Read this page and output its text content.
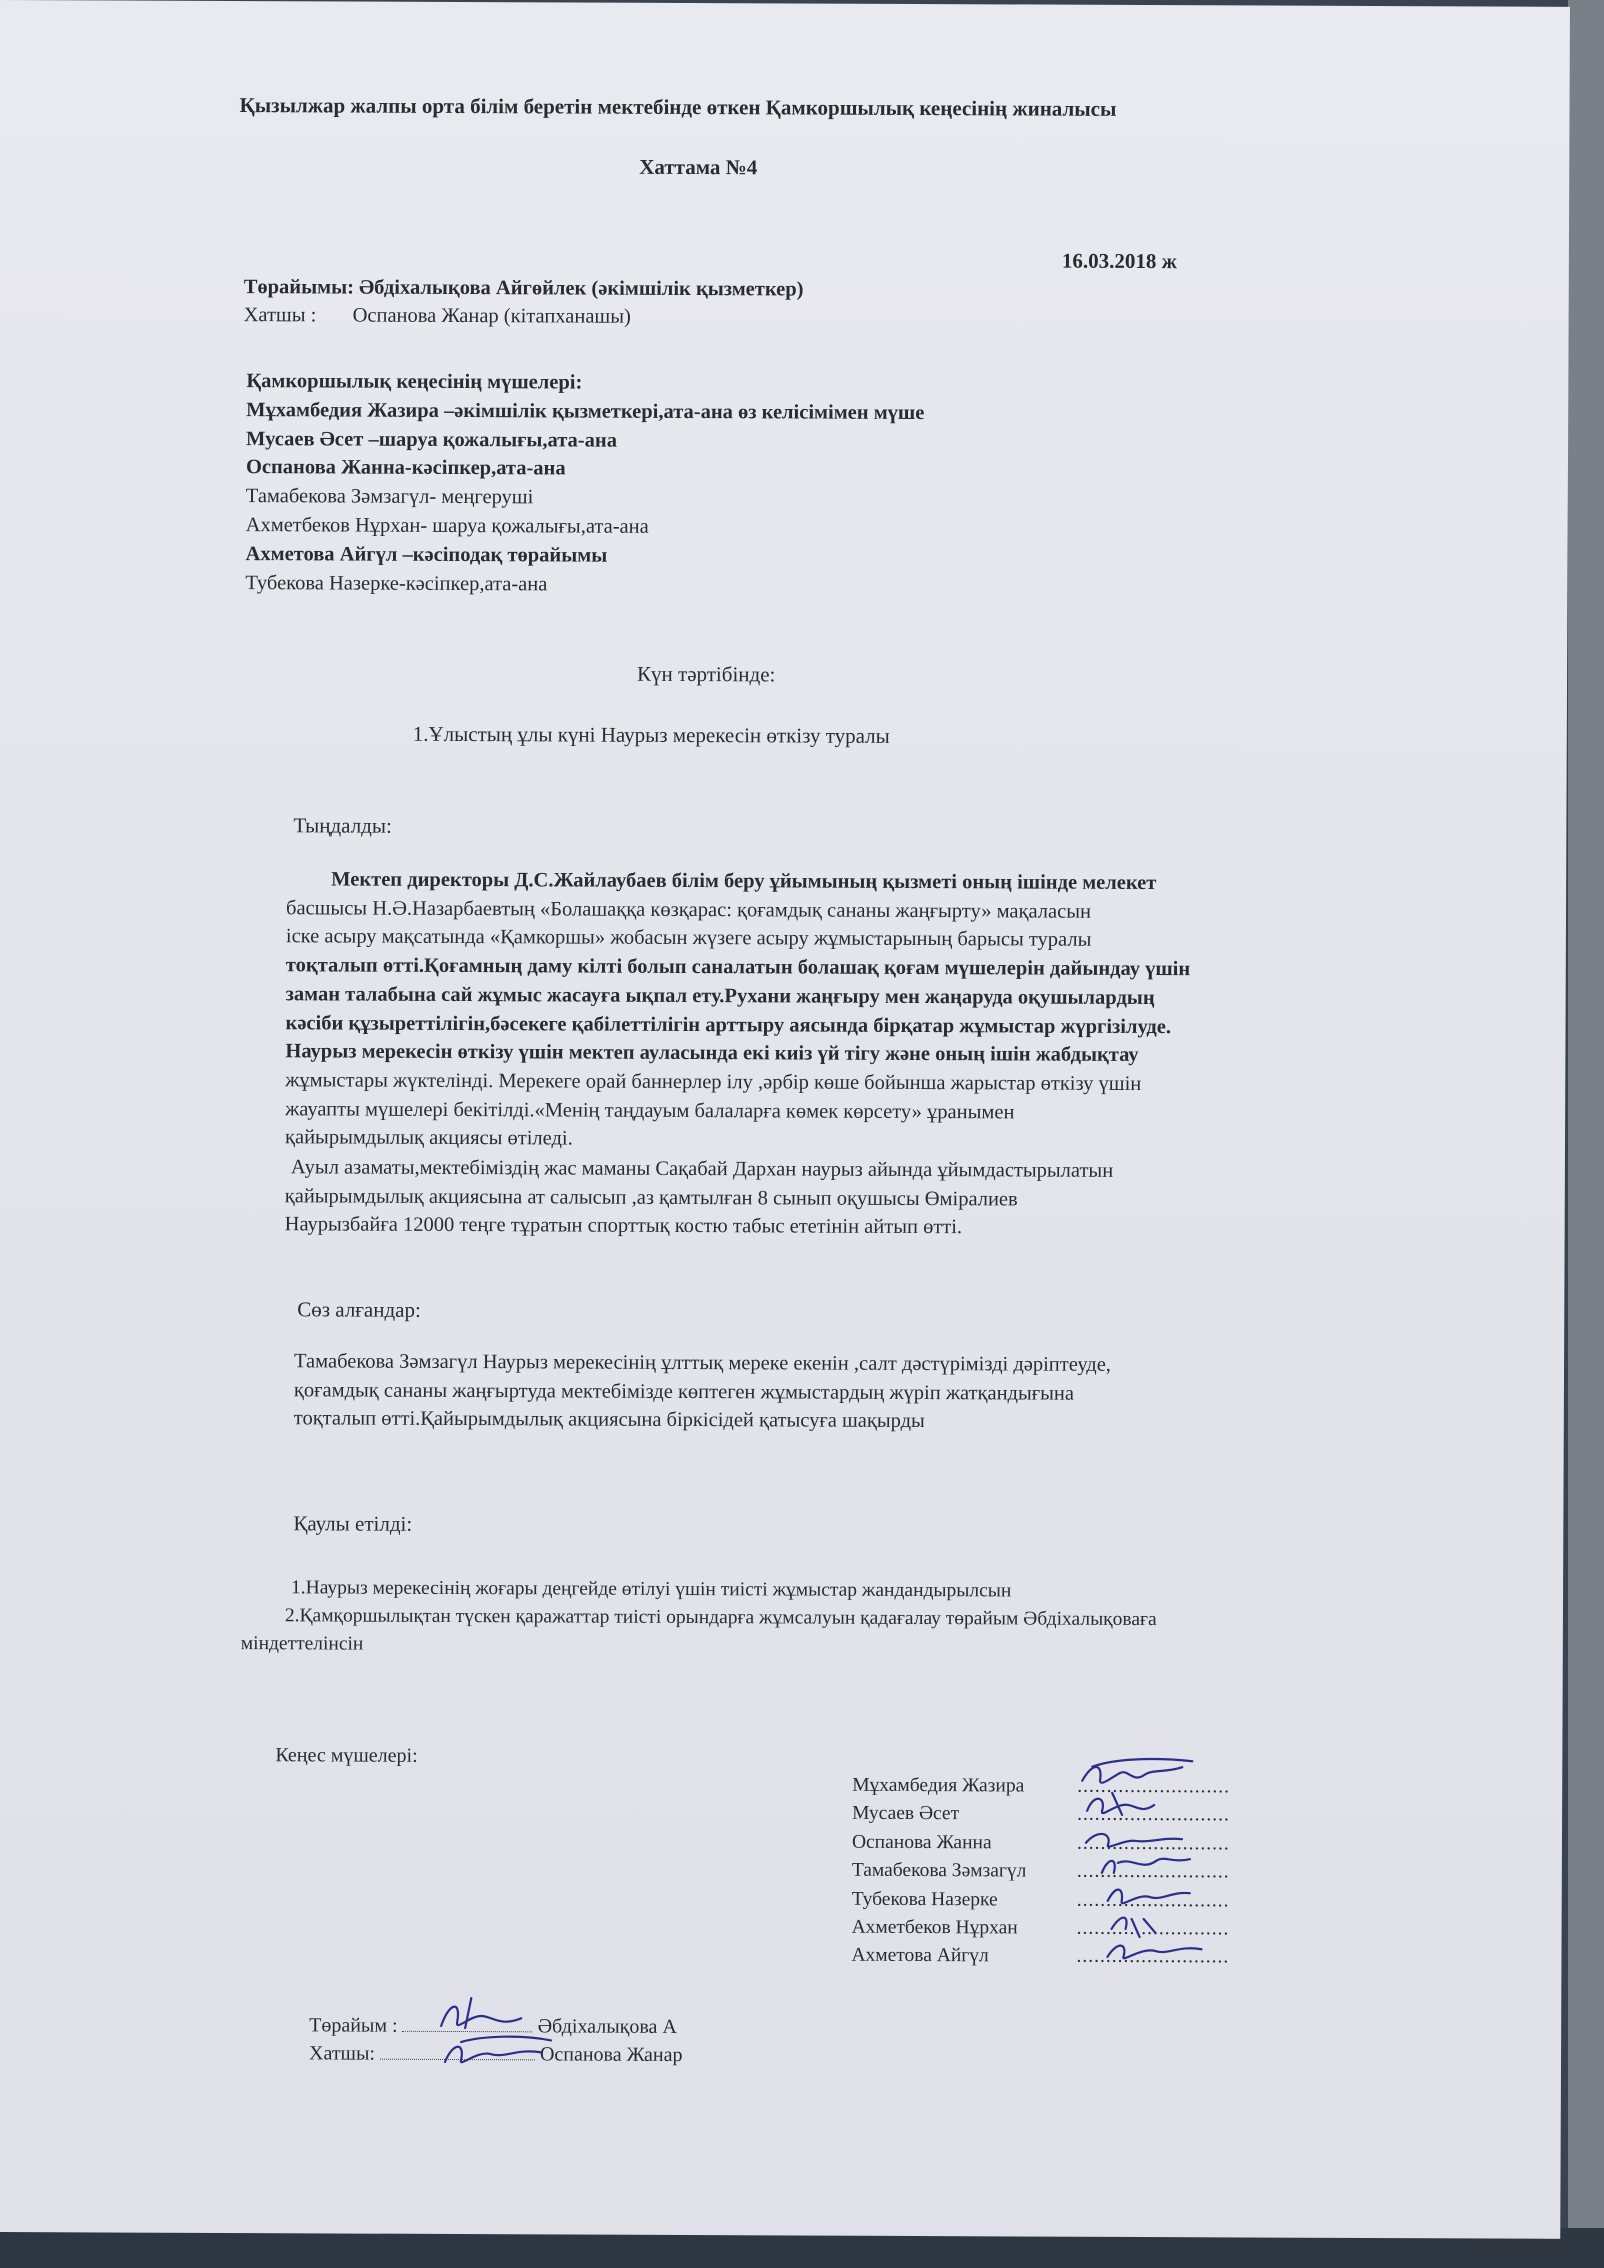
Қызылжар жалпы орта білім беретін мектебінде өткен Қамкоршылық кеңесінің жиналысы
Хаттама №4
16.03.2018 ж
Төрайымы: Әбдіхалықова Айгөйлек (әкімшілік қызметкер)
Хатшы : Оспанова Жанар (кітапханашы)
Қамкоршылық кеңесінің мүшелері:
Мұхамбедия Жазира –әкімшілік қызметкері,ата-ана өз келісімімен мүше
Мусаев Әсет –шаруа қожалығы,ата-ана
Оспанова Жанна-кәсіпкер,ата-ана
Тамабекова Зәмзагүл- меңгеруші
Ахметбеков Нұрхан- шаруа қожалығы,ата-ана
Ахметова Айгүл –кәсіподақ төрайымы
Тубекова Назерке-кәсіпкер,ата-ана
Күн тәртібінде:
1.Ұлыстың ұлы күні Наурыз мерекесін өткізу туралы
Тыңдалды:
Мектеп директоры Д.С.Жайлаубаев білім беру ұйымының қызметі оның ішінде мелекет
басшысы Н.Ә.Назарбаевтың «Болашаққа көзқарас: қоғамдық сананы жаңғырту» мақаласын
іске асыру мақсатында «Қамкоршы» жобасын жүзеге асыру жұмыстарының барысы туралы
тоқталып өтті.Қоғамның даму кілті болып саналатын болашақ қоғам мүшелерін дайындау үшін
заман талабына сай жұмыс жасауға ықпал ету.Рухани жаңғыру мен жаңаруда оқушылардың
кәсіби құзыреттілігін,бәсекеге қабілеттілігін арттыру аясында бірқатар жұмыстар жүргізілуде.
Наурыз мерекесін өткізу үшін мектеп ауласында екі киіз үй тігу және оның ішін жабдықтау
жұмыстары жүктелінді. Мерекеге орай баннерлер ілу ,әрбір көше бойынша жарыстар өткізу үшін
жауапты мүшелері бекітілді.«Менің таңдауым балаларға көмек көрсету» ұранымен
қайырымдылық акциясы өтіледі.
Ауыл азаматы,мектебіміздің жас маманы Сақабай Дархан наурыз айында ұйымдастырылатын
қайырымдылық акциясына ат салысып ,аз қамтылған 8 сынып оқушысы Өміралиев
Наурызбайға 12000 теңге тұратын спорттық костю табыс ететінін айтып өтті.
Сөз алғандар:
Тамабекова Зәмзагүл Наурыз мерекесінің ұлттық мереке екенін ,салт дәстүрімізді дәріптеуде,
қоғамдық сананы жаңғыртуда мектебімізде көптеген жұмыстардың жүріп жатқандығына
тоқталып өтті.Қайырымдылық акциясына біркісідей қатысуға шақырды
Қаулы етілді:
1.Наурыз мерекесінің жоғары деңгейде өтілуі үшін тиісті жұмыстар жандандырылсын
2.Қамқоршылықтан түскен қаражаттар тиісті орындарға жұмсалуын қадағалау төрайым Әбдіхалықоваға
міндеттелінсін
Кеңес мүшелері:
Мұхамбедия Жазира	..........................
Мусаев Әсет	..........................
Оспанова Жанна	..........................
Тамабекова Зәмзагүл	..........................
Тубекова Назерке	..........................
Ахметбеков Нұрхан	..........................
Ахметова Айгүл	..........................
Төрайым :	Әбдіхалықова А
Хатшы:	Оспанова Жанар
